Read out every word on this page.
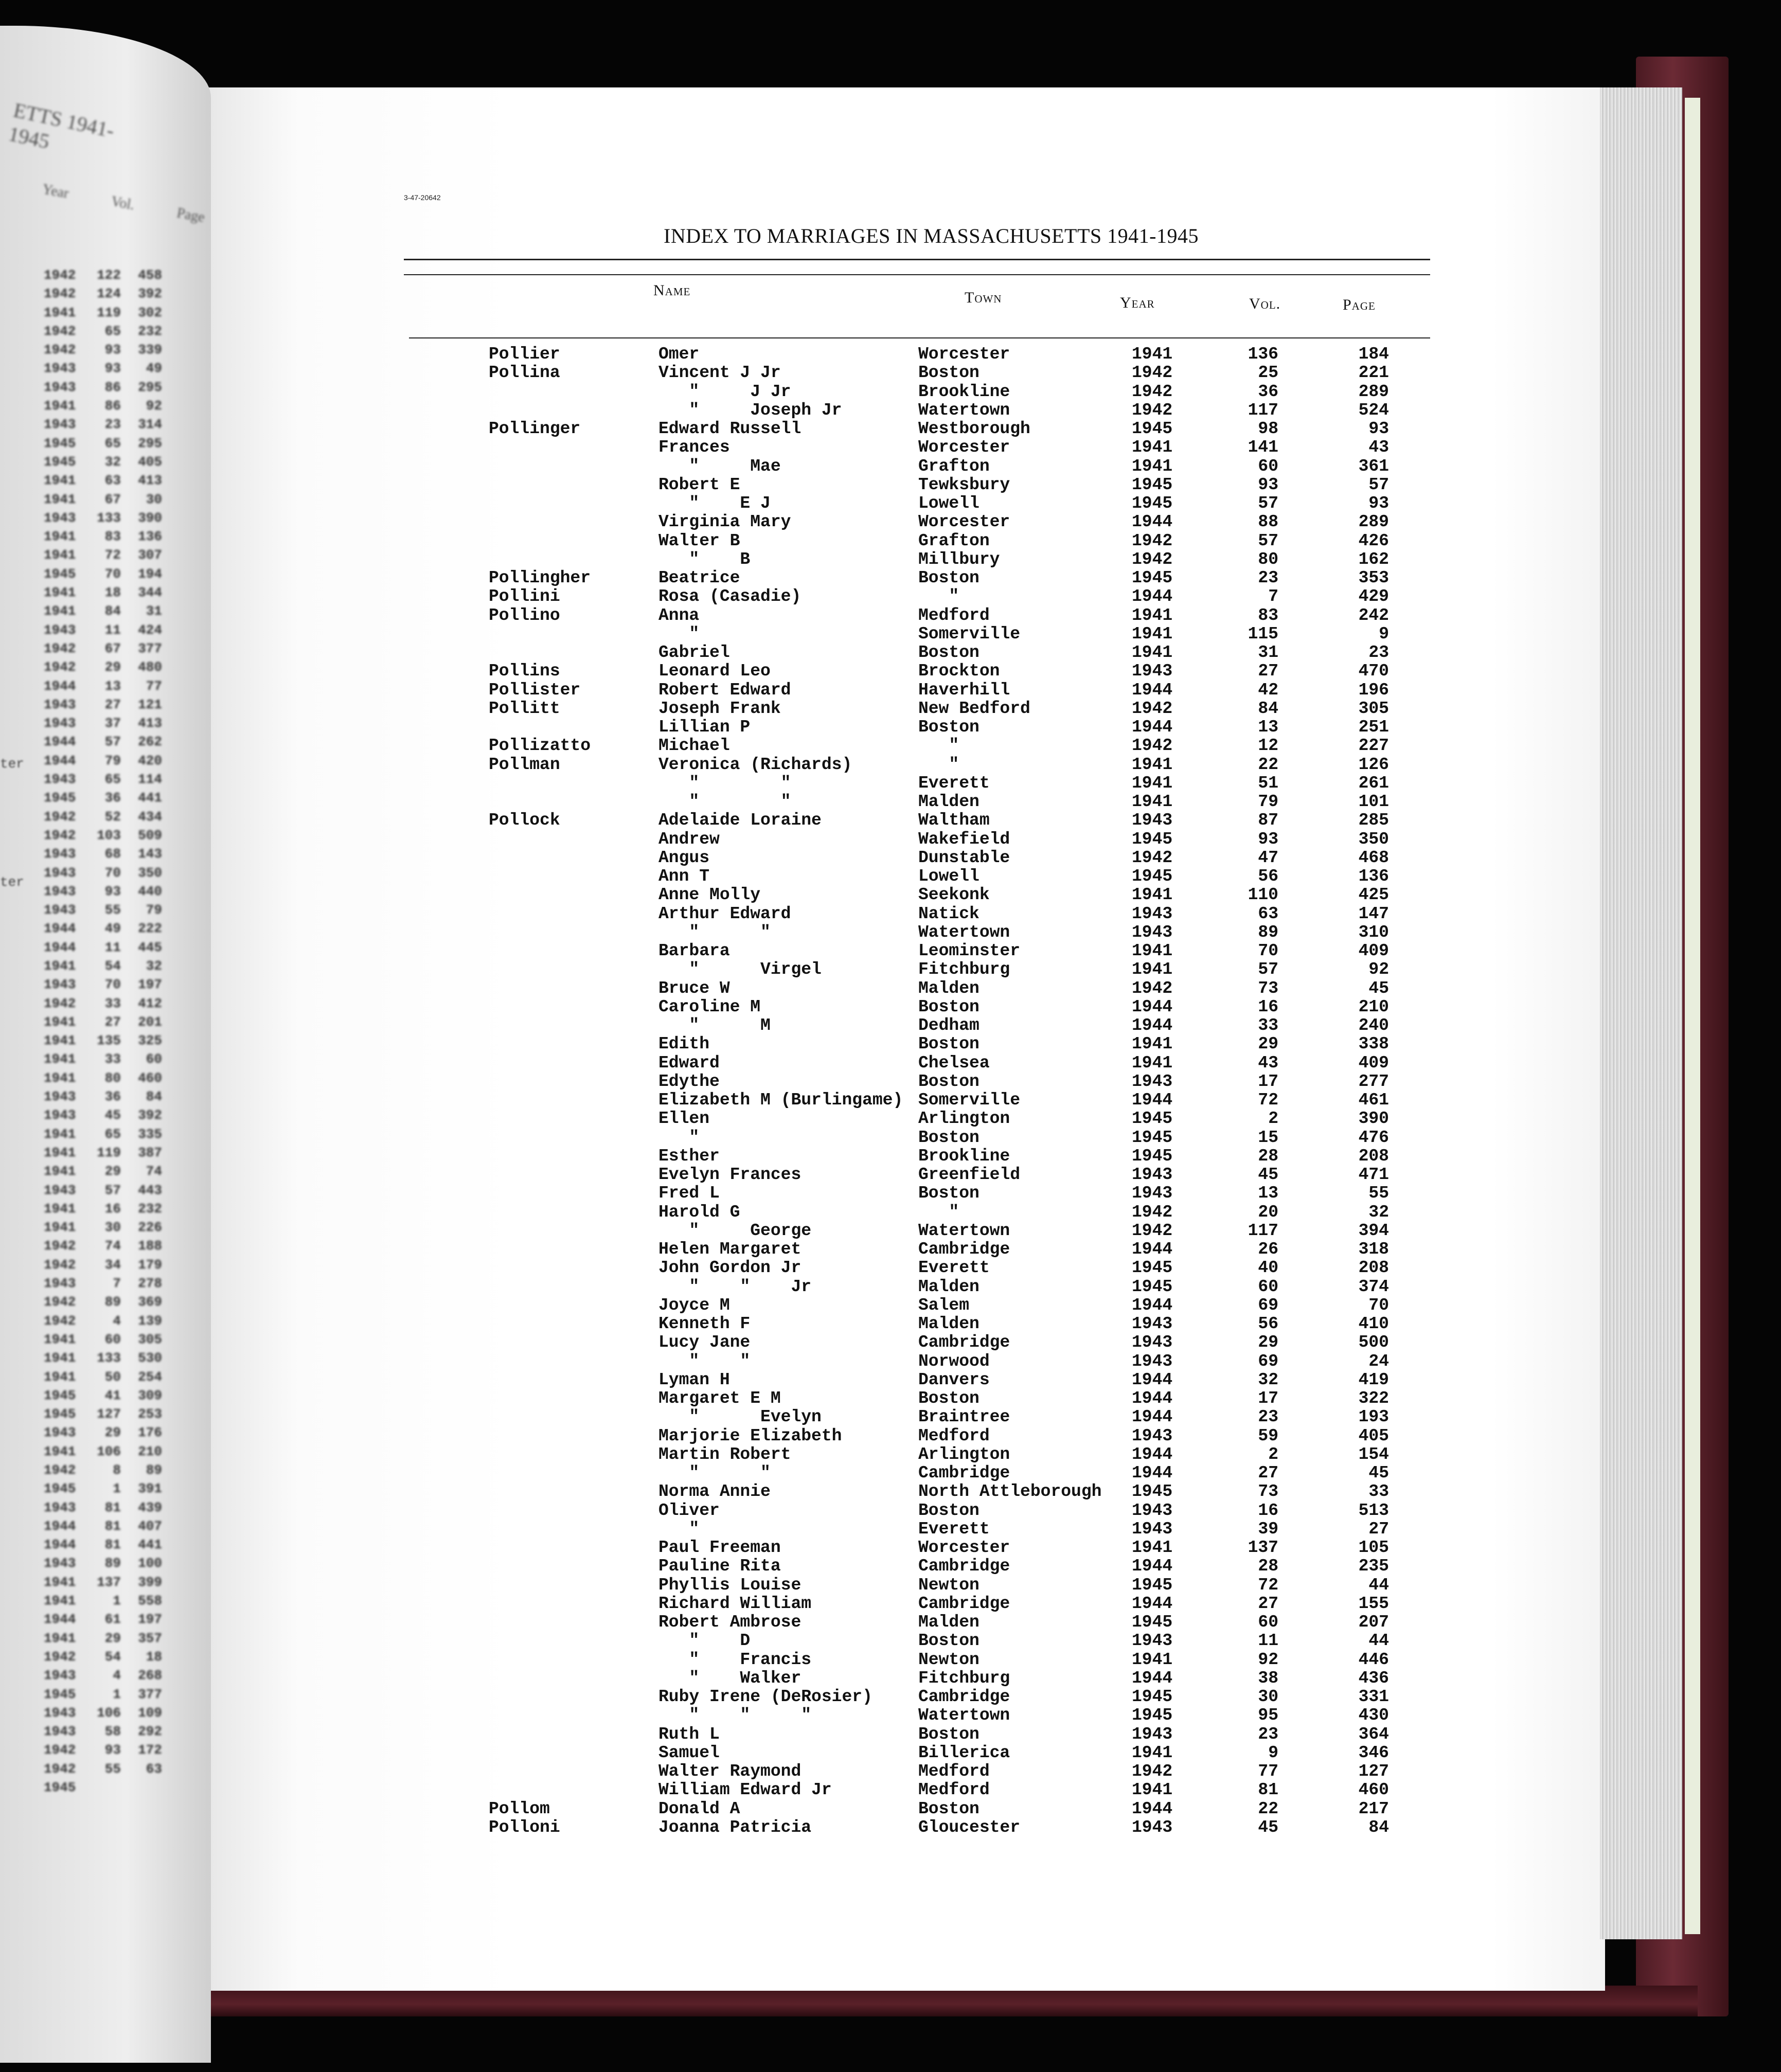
ETTS 1941-1945
Year
Vol.
Page
ter
ter
1942	122	458
1942	124	392
1941	119	302
1942	65	232
1942	93	339
1943	93	49
1943	86	295
1941	86	92
1943	23	314
1945	65	295
1945	32	405
1941	63	413
1941	67	30
1943	133	390
1941	83	136
1941	72	307
1945	70	194
1941	18	344
1941	84	31
1943	11	424
1942	67	377
1942	29	480
1944	13	77
1943	27	121
1943	37	413
1944	57	262
1944	79	420
1943	65	114
1945	36	441
1942	52	434
1942	103	509
1943	68	143
1943	70	350
1943	93	440
1943	55	79
1944	49	222
1944	11	445
1941	54	32
1943	70	197
1942	33	412
1941	27	201
1941	135	325
1941	33	60
1941	80	460
1943	36	84
1943	45	392
1941	65	335
1941	119	387
1941	29	74
1943	57	443
1941	16	232
1941	30	226
1942	74	188
1942	34	179
1943	7	278
1942	89	369
1942	4	139
1941	60	305
1941	133	530
1941	50	254
1945	41	309
1945	127	253
1943	29	176
1941	106	210
1942	8	89
1945	1	391
1943	81	439
1944	81	407
1944	81	441
1943	89	100
1941	137	399
1941	1	558
1944	61	197
1941	29	357
1942	54	18
1943	4	268
1945	1	377
1943	106	109
1943	58	292
1942	93	172
1942	55	63
1945
3-47-20642
INDEX TO MARRIAGES IN MASSACHUSETTS 1941-1945
Name	Town	Year	Vol.	Page
Pollier	Omer	Worcester	1941	136	184
Pollina	Vincent J Jr	Boston	1942	25	221
"     J Jr	Brookline	1942	36	289
"     Joseph Jr	Watertown	1942	117	524
Pollinger	Edward Russell	Westborough	1945	98	93
Frances	Worcester	1941	141	43
"     Mae	Grafton	1941	60	361
Robert E	Tewksbury	1945	93	57
"    E J	Lowell	1945	57	93
Virginia Mary	Worcester	1944	88	289
Walter B	Grafton	1942	57	426
"    B	Millbury	1942	80	162
Pollingher	Beatrice	Boston	1945	23	353
Pollini	Rosa (Casadie)	"	1944	7	429
Pollino	Anna	Medford	1941	83	242
"	Somerville	1941	115	9
Gabriel	Boston	1941	31	23
Pollins	Leonard Leo	Brockton	1943	27	470
Pollister	Robert Edward	Haverhill	1944	42	196
Pollitt	Joseph Frank	New Bedford	1942	84	305
Lillian P	Boston	1944	13	251
Pollizatto	Michael	"	1942	12	227
Pollman	Veronica (Richards)	"	1941	22	126
"        "	Everett	1941	51	261
"        "	Malden	1941	79	101
Pollock	Adelaide Loraine	Waltham	1943	87	285
Andrew	Wakefield	1945	93	350
Angus	Dunstable	1942	47	468
Ann T	Lowell	1945	56	136
Anne Molly	Seekonk	1941	110	425
Arthur Edward	Natick	1943	63	147
"      "	Watertown	1943	89	310
Barbara	Leominster	1941	70	409
"      Virgel	Fitchburg	1941	57	92
Bruce W	Malden	1942	73	45
Caroline M	Boston	1944	16	210
"      M	Dedham	1944	33	240
Edith	Boston	1941	29	338
Edward	Chelsea	1941	43	409
Edythe	Boston	1943	17	277
Elizabeth M (Burlingame) Somerville	1944	72	461
Ellen	Arlington	1945	2	390
"	Boston	1945	15	476
Esther	Brookline	1945	28	208
Evelyn Frances	Greenfield	1943	45	471
Fred L	Boston	1943	13	55
Harold G	"	1942	20	32
"     George	Watertown	1942	117	394
Helen Margaret	Cambridge	1944	26	318
John Gordon Jr	Everett	1945	40	208
"    "    Jr	Malden	1945	60	374
Joyce M	Salem	1944	69	70
Kenneth F	Malden	1943	56	410
Lucy Jane	Cambridge	1943	29	500
"    "	Norwood	1943	69	24
Lyman H	Danvers	1944	32	419
Margaret E M	Boston	1944	17	322
"      Evelyn	Braintree	1944	23	193
Marjorie Elizabeth	Medford	1943	59	405
Martin Robert	Arlington	1944	2	154
"      "	Cambridge	1944	27	45
Norma Annie	North Attleborough 1945	73	33
Oliver	Boston	1943	16	513
"	Everett	1943	39	27
Paul Freeman	Worcester	1941	137	105
Pauline Rita	Cambridge	1944	28	235
Phyllis Louise	Newton	1945	72	44
Richard William	Cambridge	1944	27	155
Robert Ambrose	Malden	1945	60	207
"    D	Boston	1943	11	44
"    Francis	Newton	1941	92	446
"    Walker	Fitchburg	1944	38	436
Ruby Irene (DeRosier)	Cambridge	1945	30	331
"    "     "	Watertown	1945	95	430
Ruth L	Boston	1943	23	364
Samuel	Billerica	1941	9	346
Walter Raymond	Medford	1942	77	127
William Edward Jr	Medford	1941	81	460
Pollom	Donald A	Boston	1944	22	217
Polloni	Joanna Patricia	Gloucester	1943	45	84
